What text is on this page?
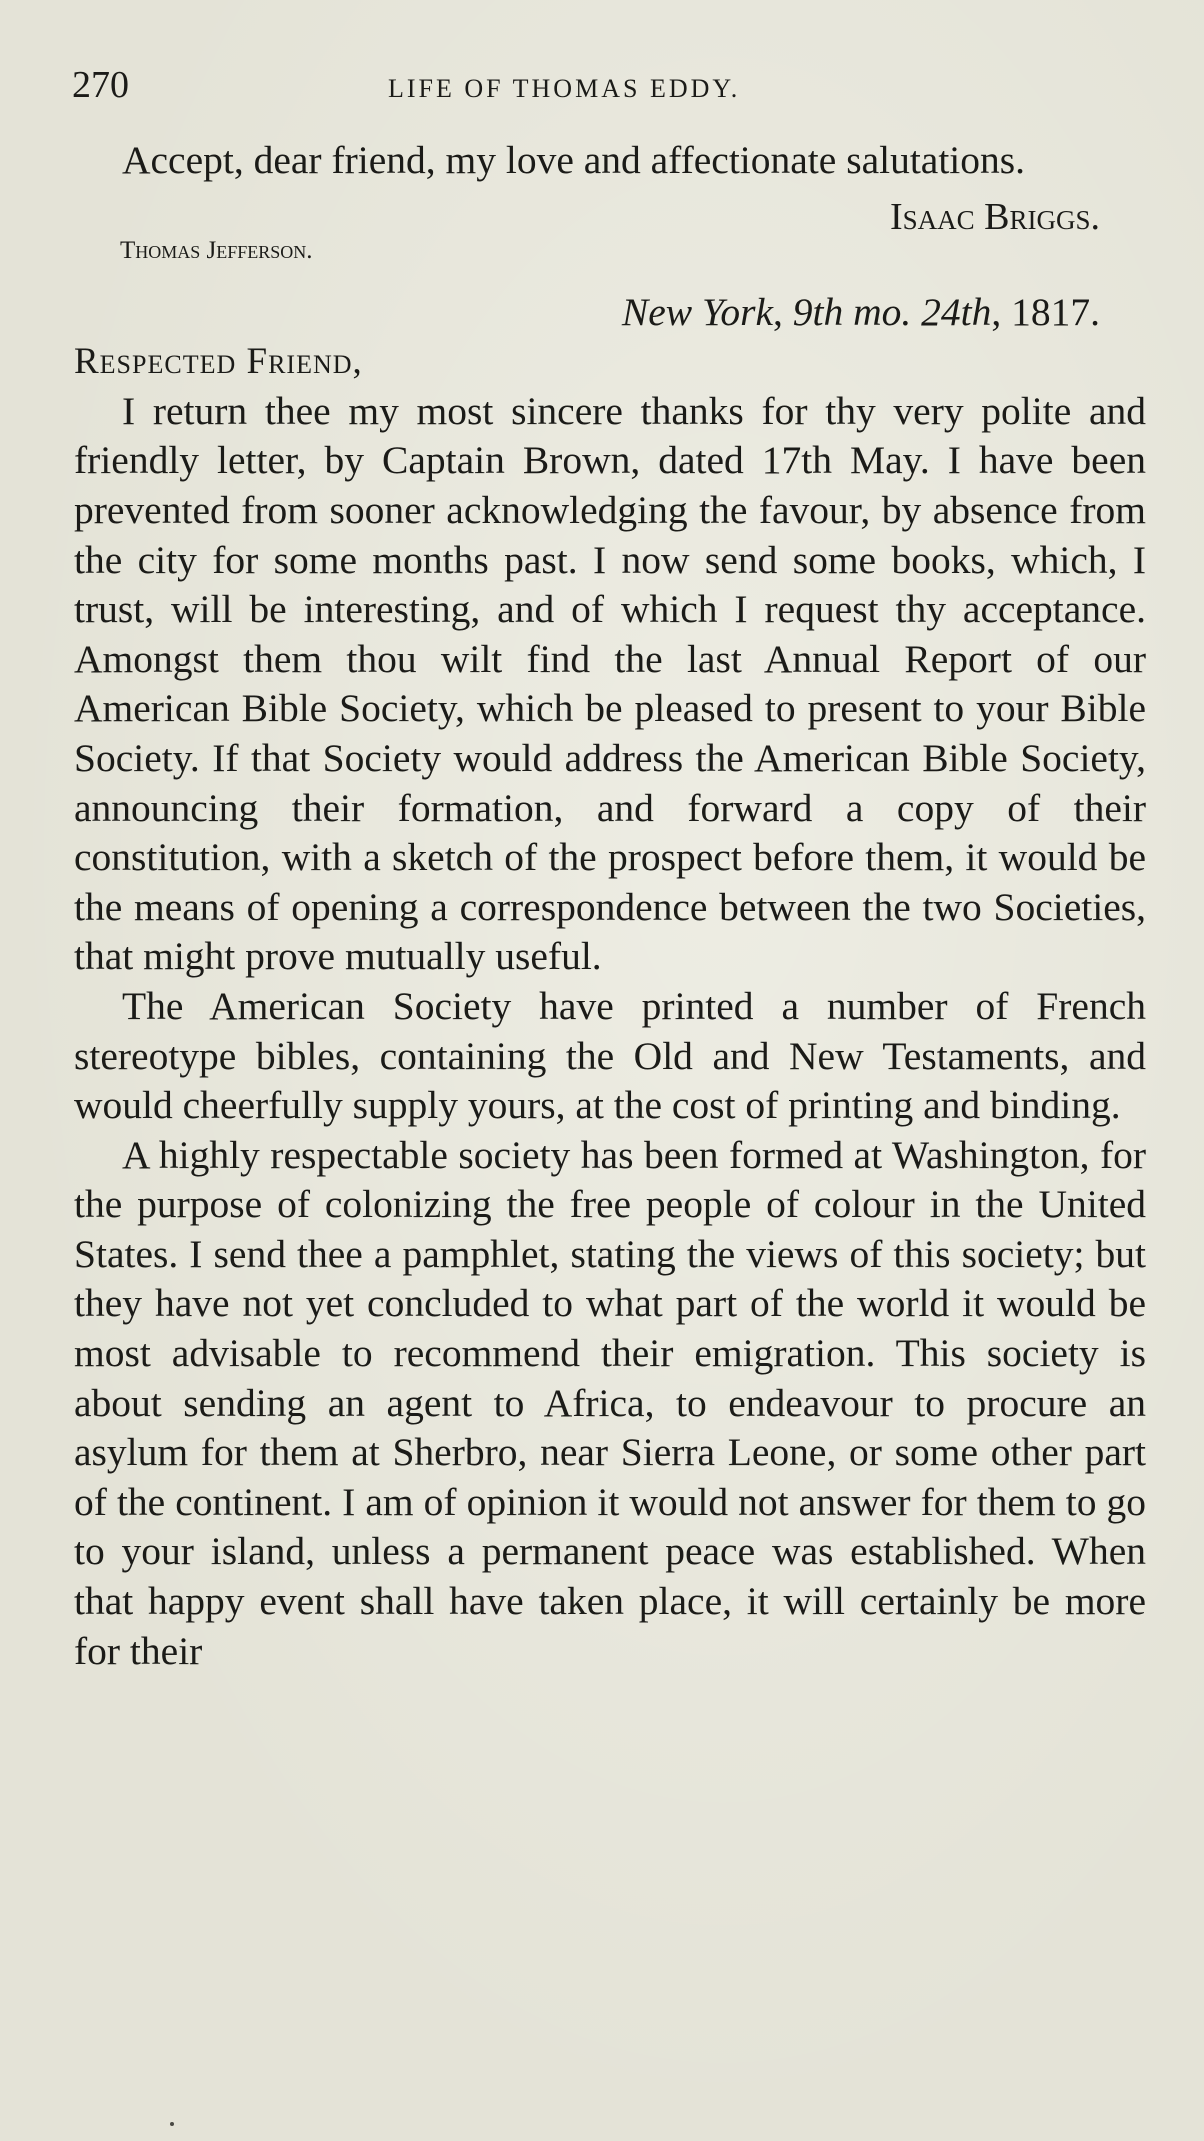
270	LIFE OF THOMAS EDDY.

Accept, dear friend, my love and affectionate salutations.

Isaac Briggs.

Thomas Jefferson.

New York, 9th mo. 24th, 1817.

Respected Friend,

I return thee my most sincere thanks for thy very polite and friendly letter, by Captain Brown, dated 17th May. I have been prevented from sooner acknowledging the favour, by absence from the city for some months past. I now send some books, which, I trust, will be interesting, and of which I request thy acceptance. Amongst them thou wilt find the last Annual Report of our American Bible Society, which be pleased to present to your Bible Society. If that Society would address the American Bible Society, announcing their formation, and forward a copy of their constitution, with a sketch of the prospect before them, it would be the means of opening a correspondence between the two Societies, that might prove mutually useful.

The American Society have printed a number of French stereotype bibles, containing the Old and New Testaments, and would cheerfully supply yours, at the cost of printing and binding.

A highly respectable society has been formed at Washington, for the purpose of colonizing the free people of colour in the United States. I send thee a pamphlet, stating the views of this society; but they have not yet concluded to what part of the world it would be most advisable to recommend their emigration. This society is about sending an agent to Africa, to endeavour to procure an asylum for them at Sherbro, near Sierra Leone, or some other part of the continent. I am of opinion it would not answer for them to go to your island, unless a permanent peace was established. When that happy event shall have taken place, it will certainly be more for their
